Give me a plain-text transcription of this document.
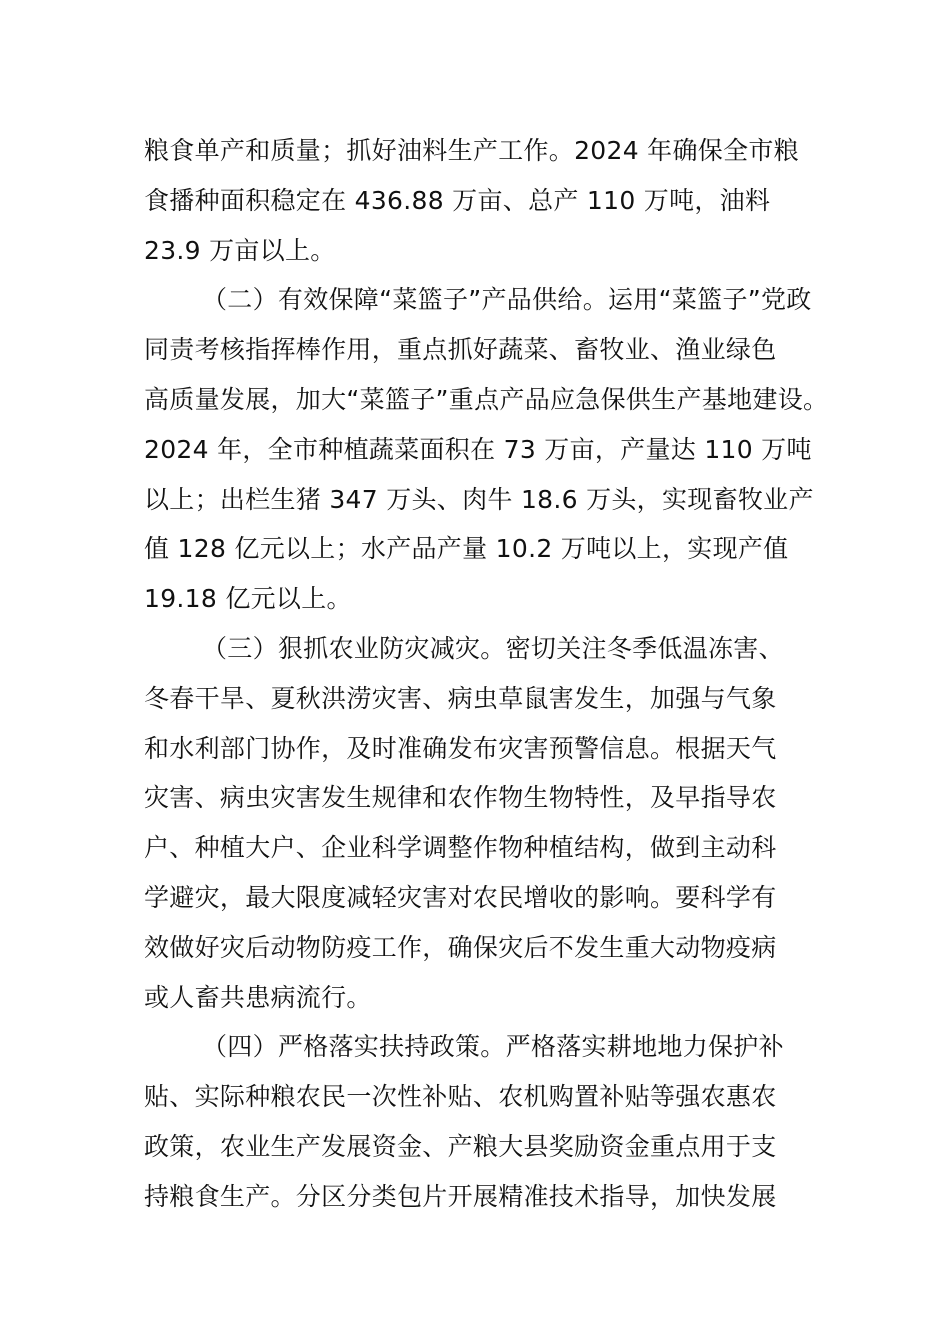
粮食单产和质量；抓好油料生产工作。2024 年确保全市粮
食播种面积稳定在 436.88 万亩、总产 110 万吨，油料
23.9 万亩以上。
（二）有效保障“菜篮子”产品供给。运用“菜篮子”党政
同责考核指挥棒作用，重点抓好蔬菜、畜牧业、渔业绿色
高质量发展，加大“菜篮子”重点产品应急保供生产基地建设。
2024 年，全市种植蔬菜面积在 73 万亩，产量达 110 万吨
以上；出栏生猪 347 万头、肉牛 18.6 万头，实现畜牧业产
值 128 亿元以上；水产品产量 10.2 万吨以上，实现产值
19.18 亿元以上。
（三）狠抓农业防灾减灾。密切关注冬季低温冻害、
冬春干旱、夏秋洪涝灾害、病虫草鼠害发生，加强与气象
和水利部门协作，及时准确发布灾害预警信息。根据天气
灾害、病虫灾害发生规律和农作物生物特性，及早指导农
户、种植大户、企业科学调整作物种植结构，做到主动科
学避灾，最大限度减轻灾害对农民增收的影响。要科学有
效做好灾后动物防疫工作，确保灾后不发生重大动物疫病
或人畜共患病流行。
（四）严格落实扶持政策。严格落实耕地地力保护补
贴、实际种粮农民一次性补贴、农机购置补贴等强农惠农
政策，农业生产发展资金、产粮大县奖励资金重点用于支
持粮食生产。分区分类包片开展精准技术指导，加快发展
